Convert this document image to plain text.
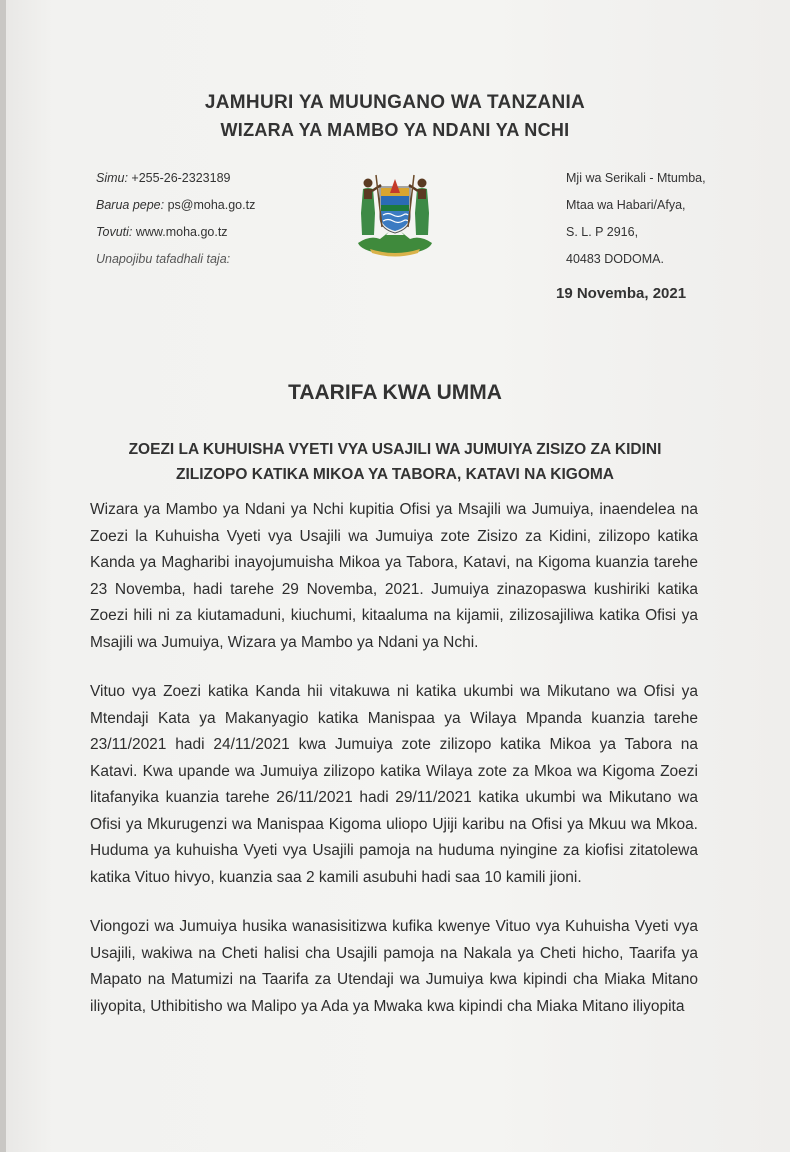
JAMHURI YA MUUNGANO WA TANZANIA
WIZARA YA MAMBO YA NDANI YA NCHI
Simu: +255-26-2323189
Barua pepe: ps@moha.go.tz
Tovuti: www.moha.go.tz
Unapojibu tafadhali taja:
Mji wa Serikali - Mtumba,
Mtaa wa Habari/Afya,
S. L. P 2916,
40483 DODOMA.
19 Novemba, 2021
TAARIFA KWA UMMA
ZOEZI LA KUHUISHA VYETI VYA USAJILI WA JUMUIYA ZISIZO ZA KIDINI
ZILIZOPO KATIKA MIKOA YA TABORA, KATAVI NA KIGOMA
Wizara ya Mambo ya Ndani ya Nchi kupitia Ofisi ya Msajili wa Jumuiya, inaendelea na Zoezi la Kuhuisha Vyeti vya Usajili wa Jumuiya zote Zisizo za Kidini, zilizopo katika Kanda ya Magharibi inayojumuisha Mikoa ya Tabora, Katavi, na Kigoma kuanzia tarehe 23 Novemba, hadi tarehe 29 Novemba, 2021. Jumuiya zinazopaswa kushiriki katika Zoezi hili ni za kiutamaduni, kiuchumi, kitaaluma na kijamii, zilizosajiliwa katika Ofisi ya Msajili wa Jumuiya, Wizara ya Mambo ya Ndani ya Nchi.
Vituo vya Zoezi katika Kanda hii vitakuwa ni katika ukumbi wa Mikutano wa Ofisi ya Mtendaji Kata ya Makanyagio katika Manispaa ya Wilaya Mpanda kuanzia tarehe 23/11/2021 hadi 24/11/2021 kwa Jumuiya zote zilizopo katika Mikoa ya Tabora na Katavi. Kwa upande wa Jumuiya zilizopo katika Wilaya zote za Mkoa wa Kigoma Zoezi litafanyika kuanzia tarehe 26/11/2021 hadi 29/11/2021 katika ukumbi wa Mikutano wa Ofisi ya Mkurugenzi wa Manispaa Kigoma uliopo Ujiji karibu na Ofisi ya Mkuu wa Mkoa. Huduma ya kuhuisha Vyeti vya Usajili pamoja na huduma nyingine za kiofisi zitatolewa katika Vituo hivyo, kuanzia saa 2 kamili asubuhi hadi saa 10 kamili jioni.
Viongozi wa Jumuiya husika wanasisitizwa kufika kwenye Vituo vya Kuhuisha Vyeti vya Usajili, wakiwa na Cheti halisi cha Usajili pamoja na Nakala ya Cheti hicho, Taarifa ya Mapato na Matumizi na Taarifa za Utendaji wa Jumuiya kwa kipindi cha Miaka Mitano iliyopita, Uthibitisho wa Malipo ya Ada ya Mwaka kwa kipindi cha Miaka Mitano iliyopita
